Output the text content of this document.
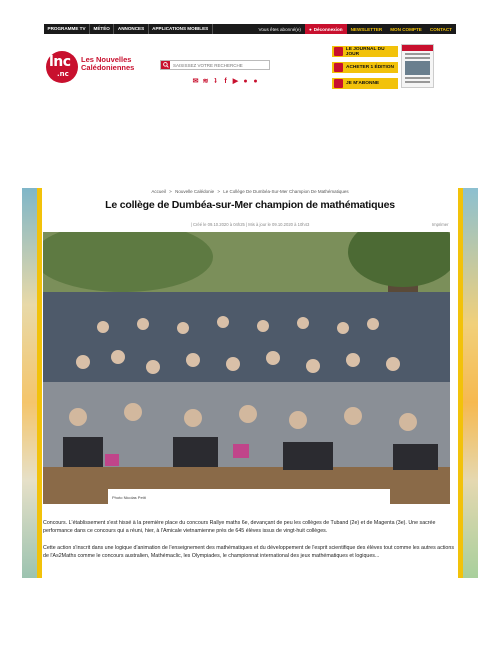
PROGRAMME TV	MÉTÉO	ANNONCES	APPLICATIONS MOBILES	Vous êtes abonné(e)	● Déconnexion	NEWSLETTER	MON COMPTE	CONTACT
lnc
.nc
Les Nouvelles
Calédoniennes
SAISISSEZ VOTRE RECHERCHE
✉ ≋ ʇ	f ▶ ● ●
LE JOURNAL DU JOUR
ACHETER 1 ÉDITION
JE M'ABONNE
Accueil > Nouvelle Calédonie > Le Collège De Dumbéa-Sur-Mer Champion De Mathématiques
Le collège de Dumbéa-sur-Mer champion de mathématiques
| Créé le 09.10.2020 à 04h25 | Mis à jour le 09.10.2020 à 10h43	Imprimer
Photo Nicolas Petit
Concours. L'établissement s'est hissé à la première place du concours Rallye maths 6e, devançant de peu les collèges de Tuband (2e) et de Magenta (3e). Une sacrée performance dans ce concours qui a réuni, hier, à l'Amicale vietnamienne près de 645 élèves issus de vingt-huit collèges.
Cette action s'inscrit dans une logique d'animation de l'enseignement des mathématiques et du développement de l'esprit scientifique des élèves tout comme les autres actions de l'As2Maths comme le concours australien, Mathémaclic, les Olympiades, le championnat international des jeux mathématiques et logiques...
